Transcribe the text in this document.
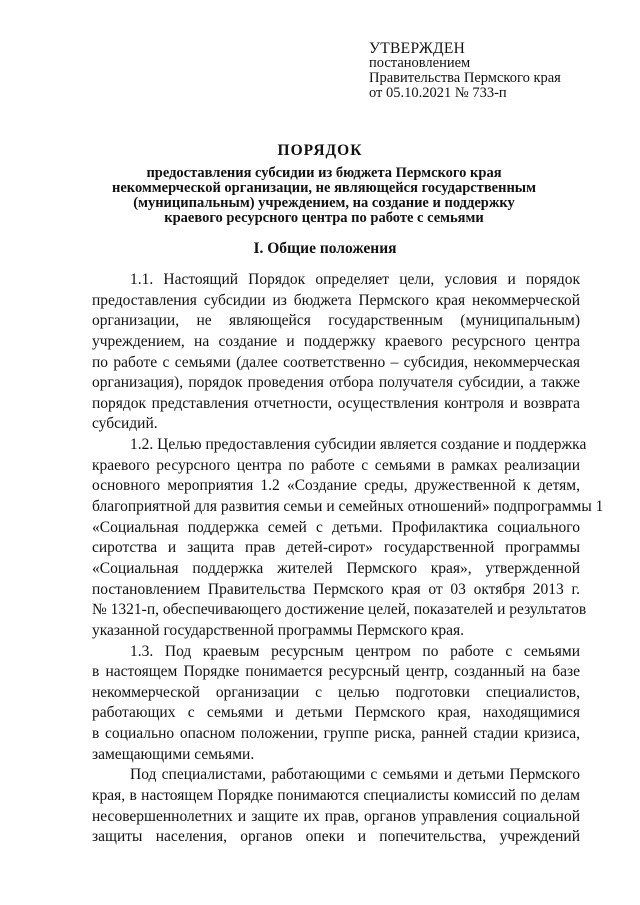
УТВЕРЖДЕН
постановлением
Правительства Пермского края
от 05.10.2021 № 733-п
ПОРЯДОК
предоставления субсидии из бюджета Пермского края
некоммерческой организации, не являющейся государственным
(муниципальным) учреждением, на создание и поддержку
краевого ресурсного центра по работе с семьями
I. Общие положения
1.1. Настоящий Порядок определяет цели, условия и порядок
предоставления субсидии из бюджета Пермского края некоммерческой
организации, не являющейся государственным (муниципальным)
учреждением, на создание и поддержку краевого ресурсного центра
по работе с семьями (далее соответственно – субсидия, некоммерческая
организация), порядок проведения отбора получателя субсидии, а также
порядок представления отчетности, осуществления контроля и возврата
субсидий.
1.2. Целью предоставления субсидии является создание и поддержка
краевого ресурсного центра по работе с семьями в рамках реализации
основного мероприятия 1.2 «Создание среды, дружественной к детям,
благоприятной для развития семьи и семейных отношений» подпрограммы 1
«Социальная поддержка семей с детьми. Профилактика социального
сиротства и защита прав детей-сирот» государственной программы
«Социальная поддержка жителей Пермского края», утвержденной
постановлением Правительства Пермского края от 03 октября 2013 г.
№ 1321-п, обеспечивающего достижение целей, показателей и результатов
указанной государственной программы Пермского края.
1.3. Под краевым ресурсным центром по работе с семьями
в настоящем Порядке понимается ресурсный центр, созданный на базе
некоммерческой организации с целью подготовки специалистов,
работающих с семьями и детьми Пермского края, находящимися
в социально опасном положении, группе риска, ранней стадии кризиса,
замещающими семьями.
Под специалистами, работающими с семьями и детьми Пермского
края, в настоящем Порядке понимаются специалисты комиссий по делам
несовершеннолетних и защите их прав, органов управления социальной
защиты населения, органов опеки и попечительства, учреждений
